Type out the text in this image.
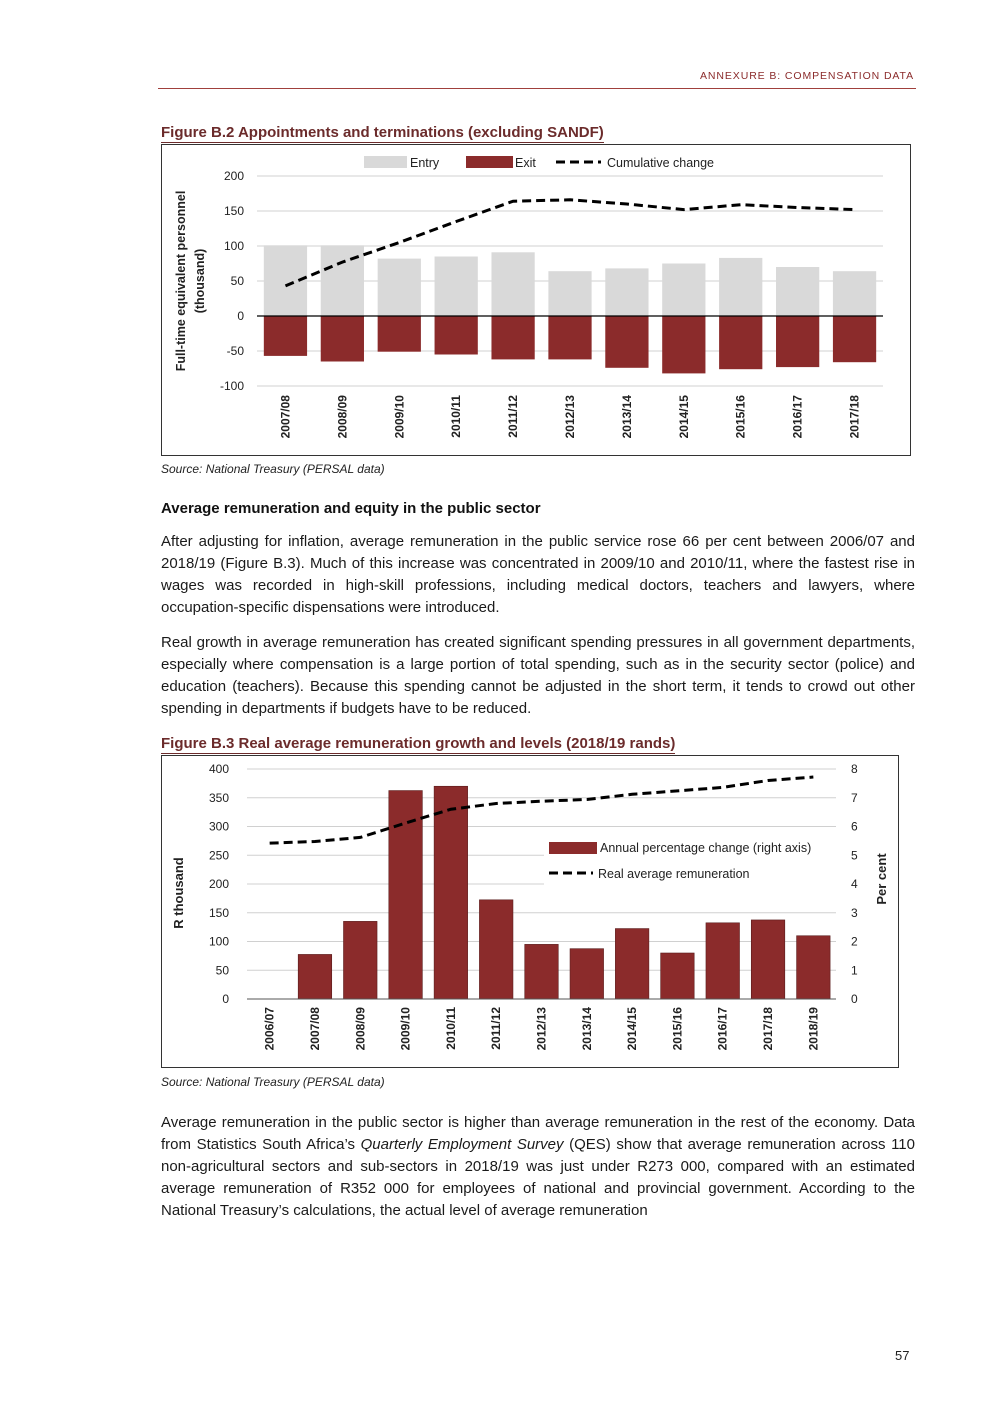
ANNEXURE B: COMPENSATION DATA
Figure B.2 Appointments and terminations (excluding SANDF)
200
150
100
50
0
-50
-100
2007/08	2008/09	2009/10	2010/11	2011/12	2012/13	2013/14	2014/15	2015/16	2016/17	2017/18
Full-time equivalent personnel (thousand)
Entry	Exit	Cumulative change
Source: National Treasury (PERSAL data)
Average remuneration and equity in the public sector
After adjusting for inflation, average remuneration in the public service rose 66 per cent between 2006/07 and 2018/19 (Figure B.3). Much of this increase was concentrated in 2009/10 and 2010/11, where the fastest rise in wages was recorded in high-skill professions, including medical doctors, teachers and lawyers, where occupation-specific dispensations were introduced.
Real growth in average remuneration has created significant spending pressures in all government departments, especially where compensation is a large portion of total spending, such as in the security sector (police) and education (teachers). Because this spending cannot be adjusted in the short term, it tends to crowd out other spending in departments if budgets have to be reduced.
Figure B.3 Real average remuneration growth and levels (2018/19 rands)
400
350
300
250
200
150
100
50
0
8
7
6
5
4
3
2
1
0
2006/07	2007/08	2008/09	2009/10	2010/11	2011/12	2012/13	2013/14	2014/15	2015/16	2016/17	2017/18	2018/19
R thousand	Per cent
Annual percentage change (right axis)
Real average remuneration
Source: National Treasury (PERSAL data)
Average remuneration in the public sector is higher than average remuneration in the rest of the economy. Data from Statistics South Africa’s Quarterly Employment Survey (QES) show that average remuneration across 110 non-agricultural sectors and sub-sectors in 2018/19 was just under R273 000, compared with an estimated average remuneration of R352 000 for employees of national and provincial government. According to the National Treasury’s calculations, the actual level of average remuneration
57
